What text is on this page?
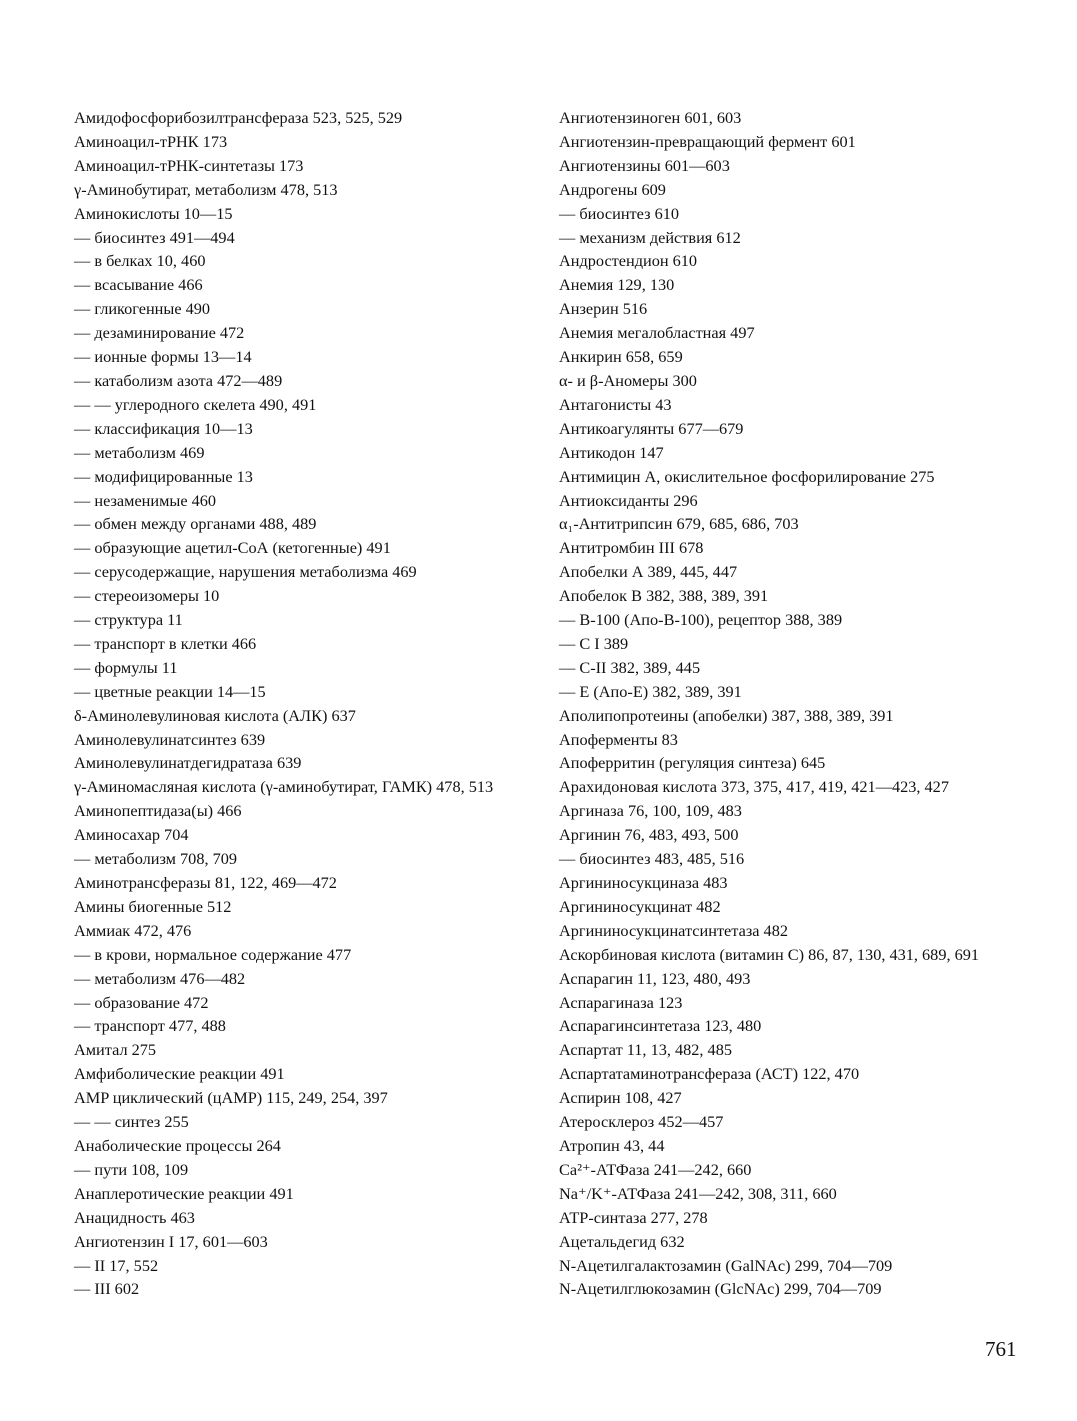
Амидофосфорибозилтрансфераза 523, 525, 529
Аминоацил-тРНК 173
Аминоацил-тРНК-синтетазы 173
γ-Аминобутират, метаболизм 478, 513
Аминокислоты 10—15
— биосинтез 491—494
— в белках 10, 460
— всасывание 466
— гликогенные 490
— дезаминирование 472
— ионные формы 13—14
— катаболизм азота 472—489
— — углеродного скелета 490, 491
— классификация 10—13
— метаболизм 469
— модифицированные 13
— незаменимые 460
— обмен между органами 488, 489
— образующие ацетил-СоА (кетогенные) 491
— серусодержащие, нарушения метаболизма 469
— стереоизомеры 10
— структура 11
— транспорт в клетки 466
— формулы 11
— цветные реакции 14—15
δ-Аминолевулиновая кислота (АЛК) 637
Аминолевулинатсинтез 639
Аминолевулинатдегидратаза 639
γ-Аминомасляная кислота (γ-аминобутират, ГАМК) 478, 513
Аминопептидаза(ы) 466
Аминосахар 704
— метаболизм 708, 709
Аминотрансферазы 81, 122, 469—472
Амины биогенные 512
Аммиак 472, 476
— в крови, нормальное содержание 477
— метаболизм 476—482
— образование 472
— транспорт 477, 488
Амитал 275
Амфиболические реакции 491
AMP циклический (цAMP) 115, 249, 254, 397
— — синтез 255
Анаболические процессы 264
— пути 108, 109
Анаплеротические реакции 491
Анацидность 463
Ангиотензин I 17, 601—603
— II 17, 552
— III 602
Ангиотензиноген 601, 603
Ангиотензин-превращающий фермент 601
Ангиотензины 601—603
Андрогены 609
— биосинтез 610
— механизм действия 612
Андростендион 610
Анемия 129, 130
Анзерин 516
Анемия мегалобластная 497
Анкирин 658, 659
α- и β-Аномеры 300
Антагонисты 43
Антикоагулянты 677—679
Антикодон 147
Антимицин А, окислительное фосфорилирование 275
Антиоксиданты 296
α₁-Антитрипсин 679, 685, 686, 703
Антитромбин III 678
Апобелки А 389, 445, 447
Апобелок В 382, 388, 389, 391
— В-100 (Апо-В-100), рецептор 388, 389
— С I 389
— С-II 382, 389, 445
— Е (Апо-Е) 382, 389, 391
Аполипопротеины (апобелки) 387, 388, 389, 391
Апоферменты 83
Апоферритин (регуляция синтеза) 645
Арахидоновая кислота 373, 375, 417, 419, 421—423, 427
Аргиназа 76, 100, 109, 483
Аргинин 76, 483, 493, 500
— биосинтез 483, 485, 516
Аргининосукциназа 483
Аргининосукцинат 482
Аргининосукцинатсинтетаза 482
Аскорбиновая кислота (витамин С) 86, 87, 130, 431, 689, 691
Аспарагин 11, 123, 480, 493
Аспарагиназа 123
Аспарагинсинтетаза 123, 480
Аспартат 11, 13, 482, 485
Аспартатаминотрансфераза (АСТ) 122, 470
Аспирин 108, 427
Атеросклероз 452—457
Атропин 43, 44
Ca²⁺-АТФаза 241—242, 660
Na⁺/K⁺-АТФаза 241—242, 308, 311, 660
АТР-синтаза 277, 278
Ацетальдегид 632
N-Ацетилгалактозамин (GalNAc) 299, 704—709
N-Ацетилглюкозамин (GlcNAc) 299, 704—709
761
